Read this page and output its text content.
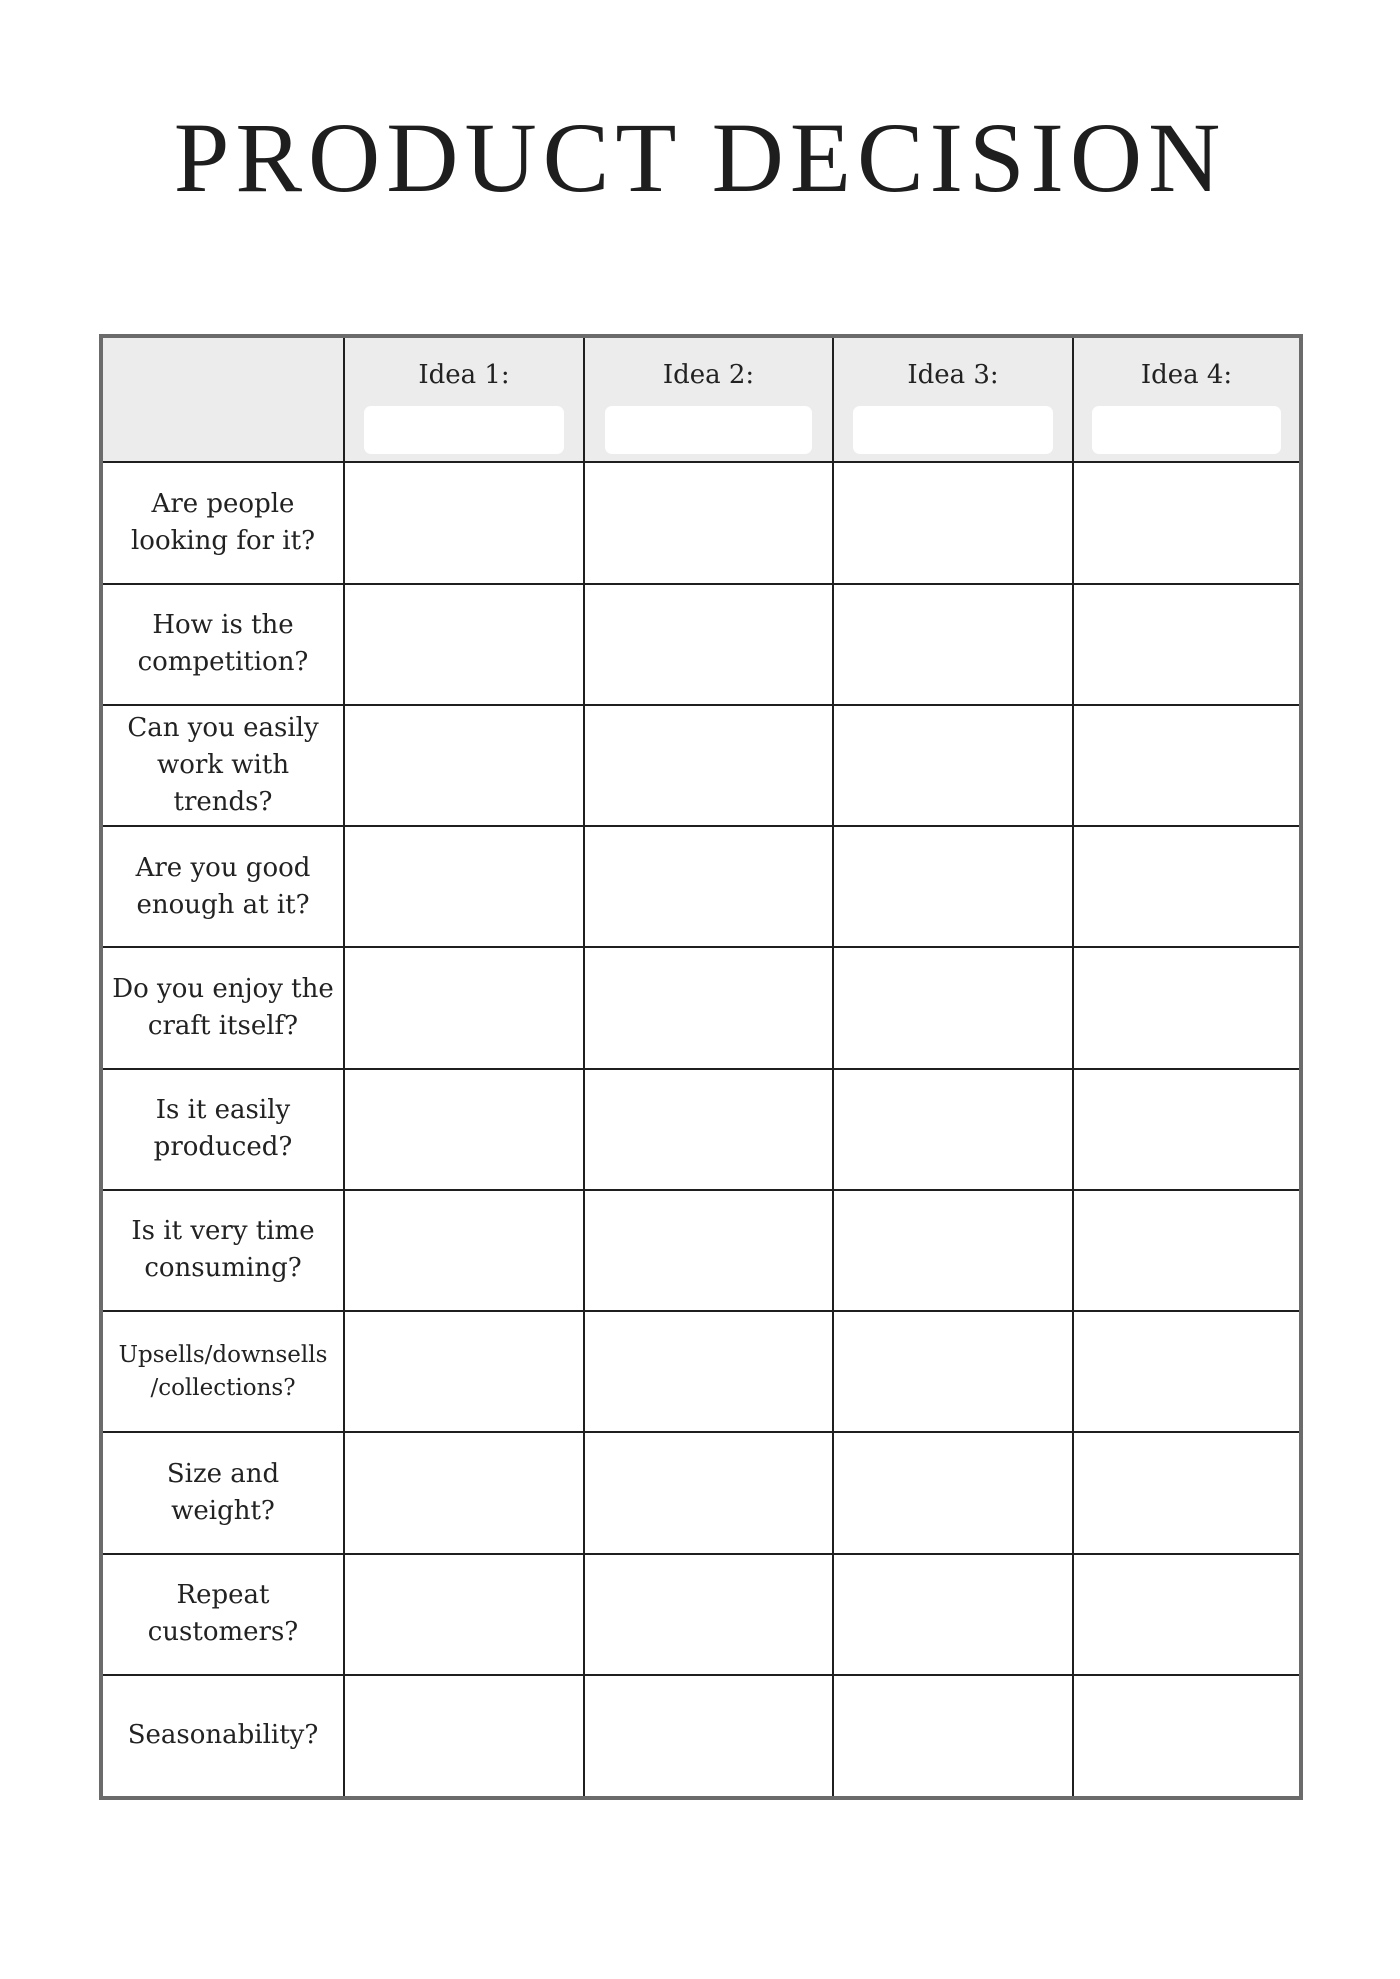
PRODUCT DECISION

	Idea 1:	Idea 2:	Idea 3:	Idea 4:

Are people looking for it?				
How is the competition?				
Can you easily work with trends?				
Are you good enough at it?				
Do you enjoy the craft itself?				
Is it easily produced?				
Is it very time consuming?				
Upsells/downsells /collections?				
Size and weight?				
Repeat customers?				
Seasonability?				
